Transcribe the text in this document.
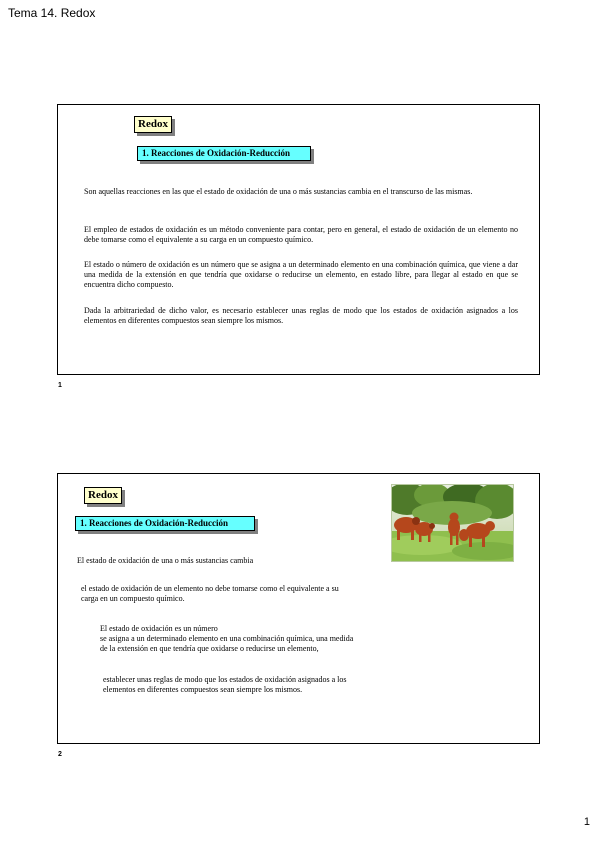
Tema 14. Redox
Redox
1. Reacciones de Oxidación-Reducción

Son aquellas reacciones en las que el estado de oxidación de una o más sustancias cambia en el transcurso de las mismas.

El empleo de estados de oxidación es un método conveniente para contar, pero en general, el estado de oxidación de un elemento no debe tomarse como el equivalente a su carga en un compuesto químico.

El estado o número de oxidación es un número que se asigna a un determinado elemento en una combinación química, que viene a dar una medida de la extensión en que tendría que oxidarse o reducirse un elemento, en estado libre, para llegar al estado en que se encuentra dicho compuesto.

Dada la arbitrariedad de dicho valor, es necesario establecer unas reglas de modo que los estados de oxidación asignados a los elementos en diferentes compuestos sean siempre los mismos.

1
Redox
1. Reacciones de Oxidación-Reducción
El estado de oxidación de una o más sustancias cambia
el estado de oxidación de un elemento no debe tomarse como el equivalente a su
carga en un compuesto químico.
El estado de oxidación es un número
se asigna a un determinado elemento en una combinación química, una medida
de la extensión en que tendría que oxidarse o reducirse un elemento,
establecer unas reglas de modo que los estados de oxidación asignados a los
elementos en diferentes compuestos sean siempre los mismos.
2
1
